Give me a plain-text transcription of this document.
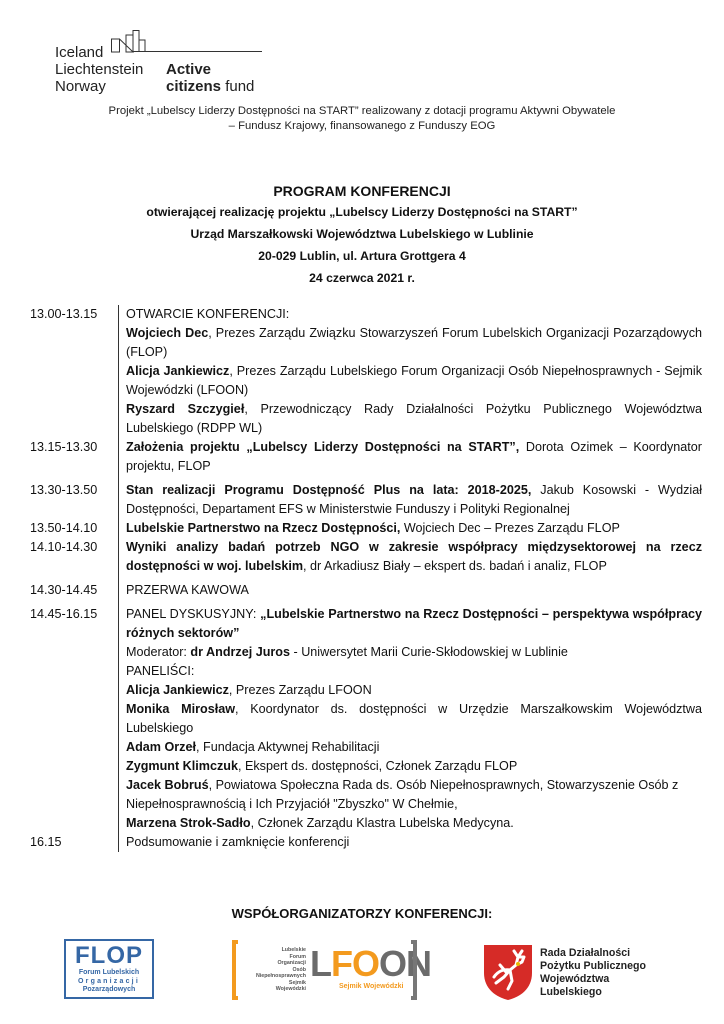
Iceland
Liechtenstein
Norway
Active
citizens fund
Projekt „Lubelscy Liderzy Dostępności na START” realizowany z dotacji programu Aktywni Obywatele
– Fundusz Krajowy, finansowanego z Funduszy EOG
PROGRAM KONFERENCJI
otwierającej realizację projektu „Lubelscy Liderzy Dostępności na START”
Urząd Marszałkowski Województwa Lubelskiego w Lublinie
20-029 Lublin, ul. Artura Grottgera 4
24 czerwca 2021 r.
13.00-13.15	OTWARCIE KONFERENCJI:

Wojciech Dec, Prezes Zarządu Związku Stowarzyszeń Forum Lubelskich Organizacji Pozarządowych (FLOP)

Alicja Jankiewicz, Prezes Zarządu Lubelskiego Forum Organizacji Osób Niepełnosprawnych - Sejmik Wojewódzki (LFOON)

Ryszard Szczygieł, Przewodniczący Rady Działalności Pożytku Publicznego Województwa Lubelskiego (RDPP WL)

13.15-13.30	Założenia projektu „Lubelscy Liderzy Dostępności na START”, Dorota Ozimek – Koordynator projektu, FLOP

13.30-13.50	Stan realizacji Programu Dostępność Plus na lata: 2018-2025, Jakub Kosowski - Wydział Dostępności, Departament EFS w Ministerstwie Funduszy i Polityki Regionalnej

13.50-14.10	Lubelskie Partnerstwo na Rzecz Dostępności, Wojciech Dec – Prezes Zarządu FLOP

14.10-14.30	Wyniki analizy badań potrzeb NGO w zakresie współpracy międzysektorowej na rzecz dostępności w woj. lubelskim, dr Arkadiusz Biały – ekspert ds. badań i analiz, FLOP

14.30-14.45	PRZERWA KAWOWA

14.45-16.15	PANEL DYSKUSYJNY: „Lubelskie Partnerstwo na Rzecz Dostępności – perspektywa współpracy różnych sektorów”

Moderator: dr Andrzej Juros - Uniwersytet Marii Curie-Skłodowskiej w Lublinie

PANELIŚCI:

Alicja Jankiewicz, Prezes Zarządu LFOON

Monika Mirosław, Koordynator ds. dostępności w Urzędzie Marszałkowskim Województwa Lubelskiego

Adam Orzeł, Fundacja Aktywnej Rehabilitacji

Zygmunt Klimczuk, Ekspert ds. dostępności, Członek Zarządu FLOP

Jacek Bobruś, Powiatowa Społeczna Rada ds. Osób Niepełnosprawnych, Stowarzyszenie Osób z Niepełnosprawnością i Ich Przyjaciół "Zbyszko" W Chełmie,

Marzena Strok-Sadło, Członek Zarządu Klastra Lubelska Medycyna.

16.15	Podsumowanie i zamknięcie konferencji

WSPÓŁORGANIZATORZY KONFERENCJI:
FLOP
Forum Lubelskich
Organizacji
Pozarządowych
Lubelskie
Forum
Organizacji
Osób
Niepełnosprawnych
Sejmik
Wojewódzki
LFOON
Sejmik Wojewódzki
Rada Działalności
Pożytku Publicznego
Województwa
Lubelskiego
